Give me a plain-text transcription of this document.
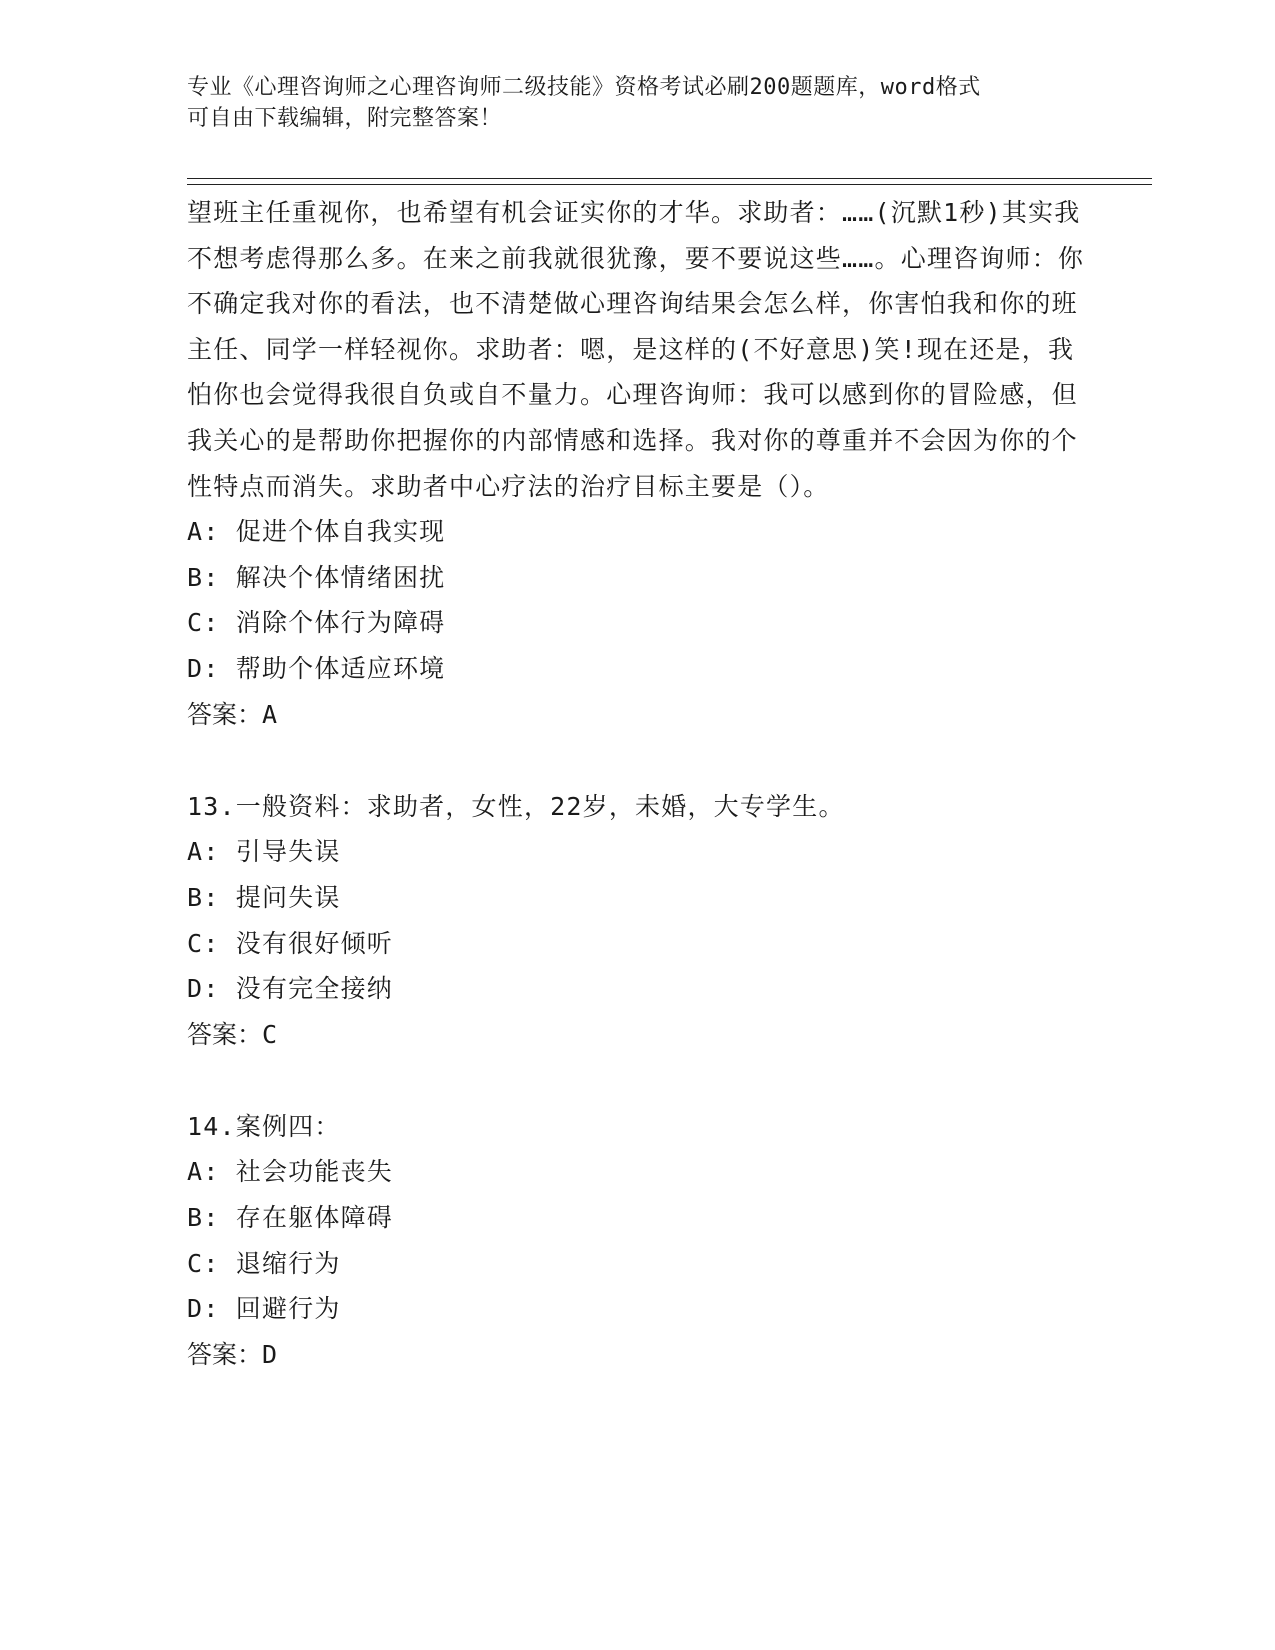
专业《心理咨询师之心理咨询师二级技能》资格考试必刷200题题库，word格式
可自由下载编辑，附完整答案！

望班主任重视你，也希望有机会证实你的才华。求助者：……(沉默1秒)其实我不想考虑得那么多。在来之前我就很犹豫，要不要说这些……。心理咨询师：你不确定我对你的看法，也不清楚做心理咨询结果会怎么样，你害怕我和你的班主任、同学一样轻视你。求助者：嗯，是这样的(不好意思)笑!现在还是，我怕你也会觉得我很自负或自不量力。心理咨询师：我可以感到你的冒险感，但我关心的是帮助你把握你的内部情感和选择。我对你的尊重并不会因为你的个性特点而消失。求助者中心疗法的治疗目标主要是（）。

A: 促进个体自我实现
B: 解决个体情绪困扰
C: 消除个体行为障碍
D: 帮助个体适应环境
答案：A
13.一般资料：求助者，女性，22岁，未婚，大专学生。
A: 引导失误
B: 提问失误
C: 没有很好倾听
D: 没有完全接纳
答案：C
14.案例四：
A: 社会功能丧失
B: 存在躯体障碍
C: 退缩行为
D: 回避行为
答案：D
